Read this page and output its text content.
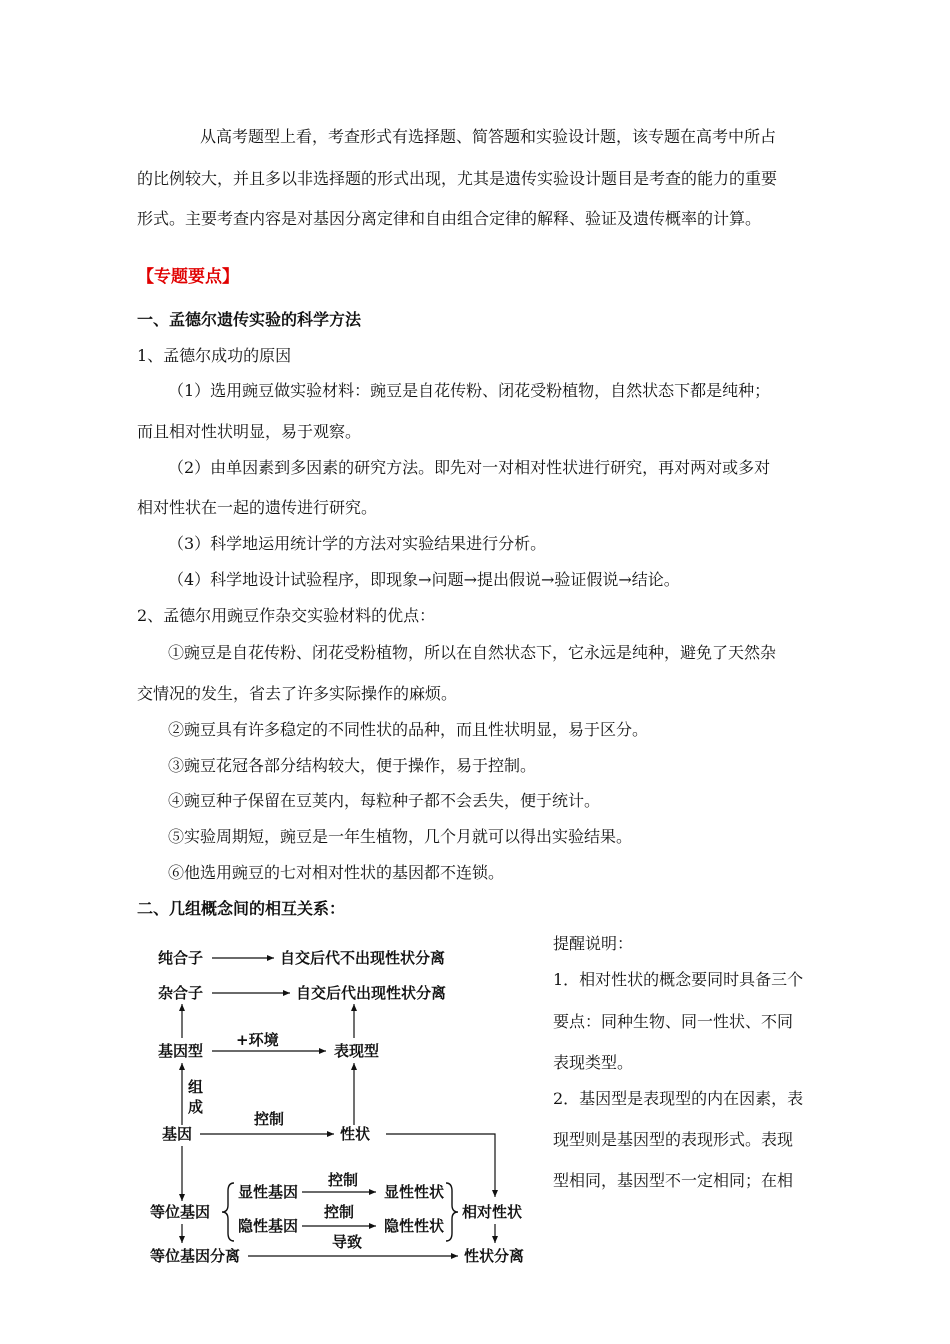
从高考题型上看，考查形式有选择题、简答题和实验设计题，该专题在高考中所占
的比例较大，并且多以非选择题的形式出现，尤其是遗传实验设计题目是考查的能力的重要
形式。主要考查内容是对基因分离定律和自由组合定律的解释、验证及遗传概率的计算。
【专题要点】
一、孟德尔遗传实验的科学方法
1、孟德尔成功的原因
（1）选用豌豆做实验材料：豌豆是自花传粉、闭花受粉植物，自然状态下都是纯种；
而且相对性状明显，易于观察。
（2）由单因素到多因素的研究方法。即先对一对相对性状进行研究，再对两对或多对
相对性状在一起的遗传进行研究。
（3）科学地运用统计学的方法对实验结果进行分析。
（4）科学地设计试验程序，即现象→问题→提出假说→验证假说→结论。
2、孟德尔用豌豆作杂交实验材料的优点：
①豌豆是自花传粉、闭花受粉植物，所以在自然状态下，它永远是纯种，避免了天然杂
交情况的发生，省去了许多实际操作的麻烦。
②豌豆具有许多稳定的不同性状的品种，而且性状明显，易于区分。
③豌豆花冠各部分结构较大，便于操作，易于控制。
④豌豆种子保留在豆荚内，每粒种子都不会丢失，便于统计。
⑤实验周期短，豌豆是一年生植物，几个月就可以得出实验结果。
⑥他选用豌豆的七对相对性状的基因都不连锁。
二、几组概念间的相互关系：
提醒说明：
1．相对性状的概念要同时具备三个
要点：同种生物、同一性状、不同
表现类型。
2．基因型是表现型的内在因素，表
现型则是基因型的表现形式。表现
型相同，基因型不一定相同；在相
纯合子	自交后代不出现性状分离
杂合子	自交后代出现性状分离
基因型
+环境
表现型
组
成
基因
控制
性状
等位基因
显性基因
控制
显性性状
隐性基因
控制
隐性性状
相对性状
等位基因分离
导致
性状分离
